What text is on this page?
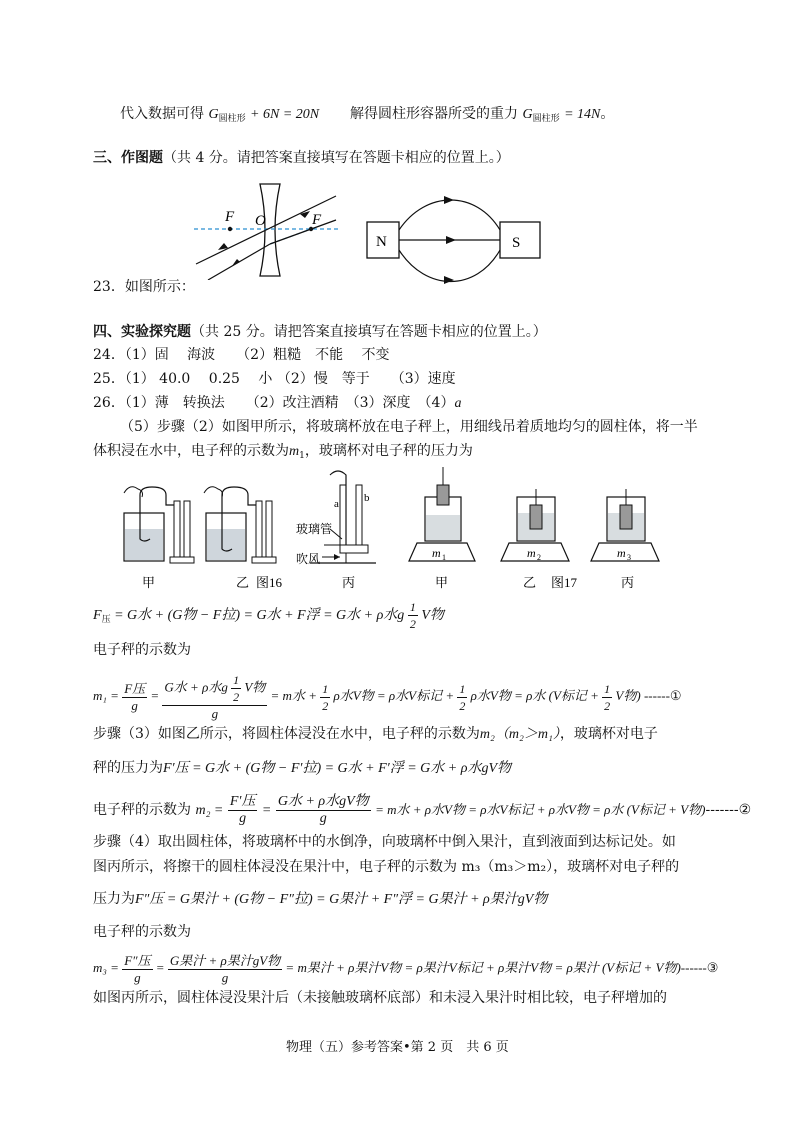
代入数据可得 $G_{圆柱形} + 6N = 20N$ 解得圆柱形容器所受的重力 $G_{圆柱形} = 14N$。
三、作图题（共 4 分。请把答案直接填写在答题卡相应的位置上。）
F O	F
N	S
23．如图所示：
四、实验探究题（共 25 分。请把答案直接填写在答题卡相应的位置上。）
24．（1）固　 海波　　（2）粗糙　不能　 不变
25．（1） 40.0　 0.25　 小 （2）慢　等于　　（3）速度
26．（1）薄　转换法　　（2）改注酒精　（3）深度　（4）a
（5）步骤（2）如图甲所示，将玻璃杯放在电子秤上，用细线吊着质地均匀的圆柱体，将一半
体积浸在水中，电子秤的示数为$m_1$，玻璃杯对电子秤的压力为
甲	乙 图16
a b
玻璃管
吹风
丙
m 1
甲
m 2
乙 图17
m 3
丙
$F_压 = G$水 + (G物 − F拉) = G水 + F浮 = G水 + ρ水g $\frac{1}{2}$ V物
电子秤的示数为
$m_1 = \frac{\text{F压}}{g} = \frac{G水 + \rho 水g \frac{1}{2} V物}{g} = m$水 + $\frac{1}{2}$ ρ水V物 = ρ水V标记 + $\frac{1}{2}$ ρ水V物 = ρ水 (V标记 + $\frac{1}{2}$ V物) ------①
步骤（3）如图乙所示，将圆柱体浸没在水中，电子秤的示数为m₂（m₂＞m₁），玻璃杯对电子
秤的压力为F′压 = G水 + (G物 − F′拉) = G水 + F′浮 = G水 + ρ水gV物
电子秤的示数为 $m_2 = \frac{\text{F′压}}{g} = \frac{\text{G水 + ρ水gV物}}{g} = m$水 + ρ水V物 = ρ水V标记 + ρ水V物 = ρ水 (V标记 + V物)-------②
步骤（4）取出圆柱体，将玻璃杯中的水倒净，向玻璃杯中倒入果汁，直到液面到达标记处。如
图丙所示，将擦干的圆柱体浸没在果汁中，电子秤的示数为 m₃（m₃＞m₂），玻璃杯对电子秤的
压力为F″压 = G果汁 + (G物 − F″拉) = G果汁 + F″浮 = G果汁 + ρ果汁gV物
电子秤的示数为
$m_3 = \frac{\text{F″压}}{g} = \frac{\text{G果汁 + ρ果汁gV物}}{g} = m$果汁 + ρ果汁V物 = ρ果汁V标记 + ρ果汁V物 = ρ果汁 (V标记 + V物)------③
如图丙所示，圆柱体浸没果汁后（未接触玻璃杯底部）和未浸入果汁时相比较，电子秤增加的
物理（五）参考答案•第 2 页　共 6 页
